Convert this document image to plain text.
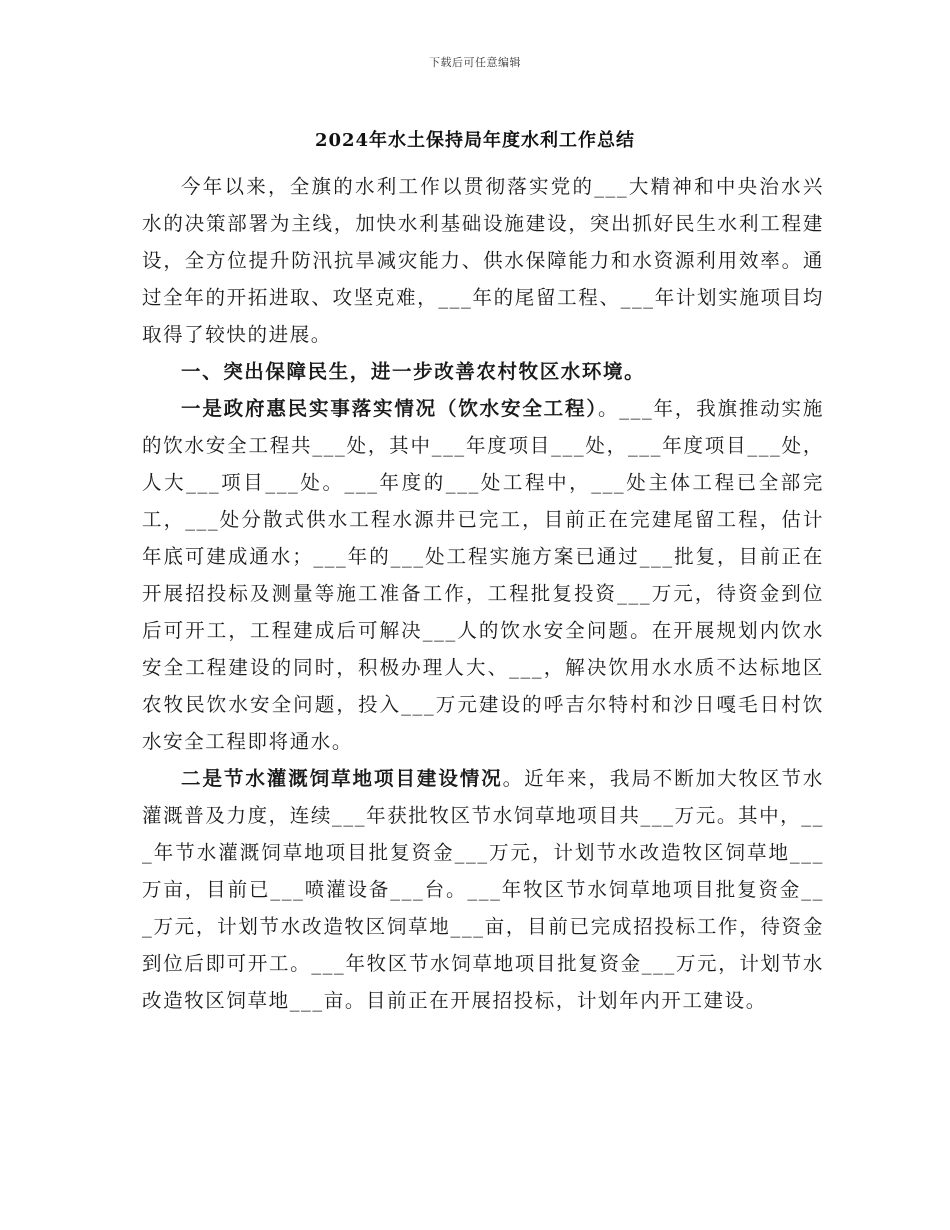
下载后可任意编辑
2024年水土保持局年度水利工作总结

今年以来，全旗的水利工作以贯彻落实党的___大精神和中央治水兴水的决策部署为主线，加快水利基础设施建设，突出抓好民生水利工程建设，全方位提升防汛抗旱减灾能力、供水保障能力和水资源利用效率。通过全年的开拓进取、攻坚克难，___年的尾留工程、___年计划实施项目均取得了较快的进展。

一、突出保障民生，进一步改善农村牧区水环境。

一是政府惠民实事落实情况（饮水安全工程）。___年，我旗推动实施的饮水安全工程共___处，其中___年度项目___处，___年度项目___处，人大___项目___处。___年度的___处工程中，___处主体工程已全部完工，___处分散式供水工程水源井已完工，目前正在完建尾留工程，估计年底可建成通水；___年的___处工程实施方案已通过___批复，目前正在开展招投标及测量等施工准备工作，工程批复投资___万元，待资金到位后可开工，工程建成后可解决___人的饮水安全问题。在开展规划内饮水安全工程建设的同时，积极办理人大、___，解决饮用水水质不达标地区农牧民饮水安全问题，投入___万元建设的呼吉尔特村和沙日嘎毛日村饮水安全工程即将通水。

二是节水灌溉饲草地项目建设情况。近年来，我局不断加大牧区节水灌溉普及力度，连续___年获批牧区节水饲草地项目共___万元。其中，___年节水灌溉饲草地项目批复资金___万元，计划节水改造牧区饲草地___万亩，目前已___喷灌设备___台。___年牧区节水饲草地项目批复资金___万元，计划节水改造牧区饲草地___亩，目前已完成招投标工作，待资金到位后即可开工。___年牧区节水饲草地项目批复资金___万元，计划节水改造牧区饲草地___亩。目前正在开展招投标，计划年内开工建设。
